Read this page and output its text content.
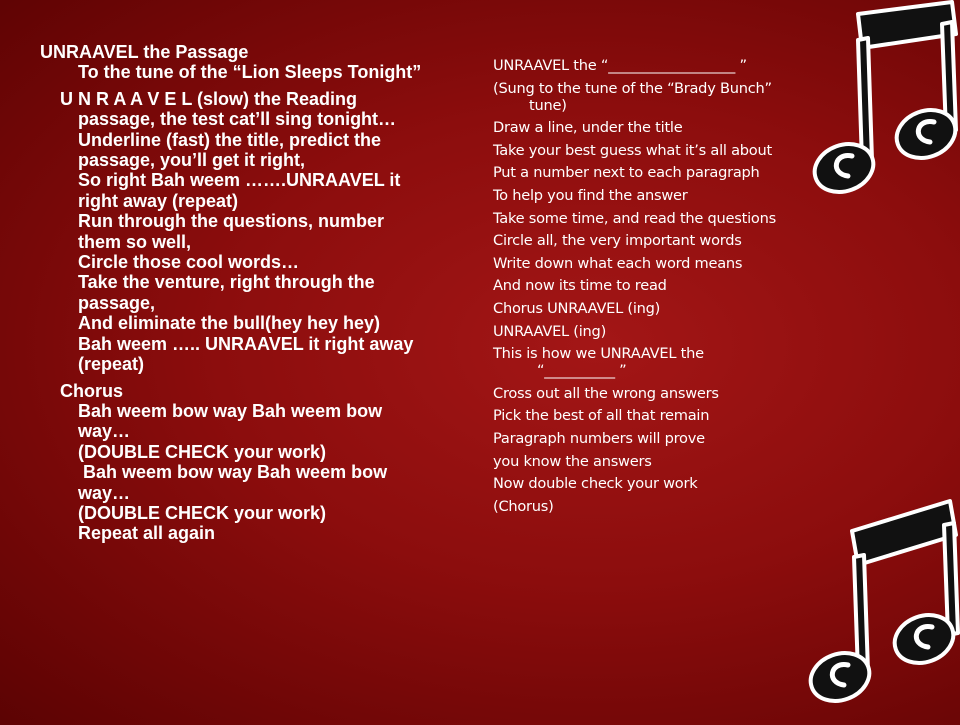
UNRAAVEL the Passage
To the tune of the “Lion Sleeps Tonight”

U N R A A V E L (slow) the Reading
passage, the test cat’ll sing tonight…
Underline (fast) the title, predict the
passage, you’ll get it right,
So right Bah weem …….UNRAAVEL it
right away (repeat)
Run through the questions, number
them so well,
Circle those cool words…
Take the venture, right through the
passage,
And eliminate the bull(hey hey hey)
Bah weem ….. UNRAAVEL it right away
(repeat)

Chorus
Bah weem bow way Bah weem bow
way…
(DOUBLE CHECK your work)
Bah weem bow way Bah weem bow
way…
(DOUBLE CHECK your work)
Repeat all again

UNRAAVEL the “__________________ ”

(Sung to the tune of the “Brady Bunch”
tune)

Draw a line, under the title

Take your best guess what it’s all about

Put a number next to each paragraph

To help you find the answer

Take some time, and read the questions

Circle all, the very important words

Write down what each word means

And now its time to read

Chorus UNRAAVEL (ing)

UNRAAVEL (ing)

This is how we UNRAAVEL the
“__________ ”

Cross out all the wrong answers

Pick the best of all that remain

Paragraph numbers will prove

you know the answers

Now double check your work

(Chorus)
